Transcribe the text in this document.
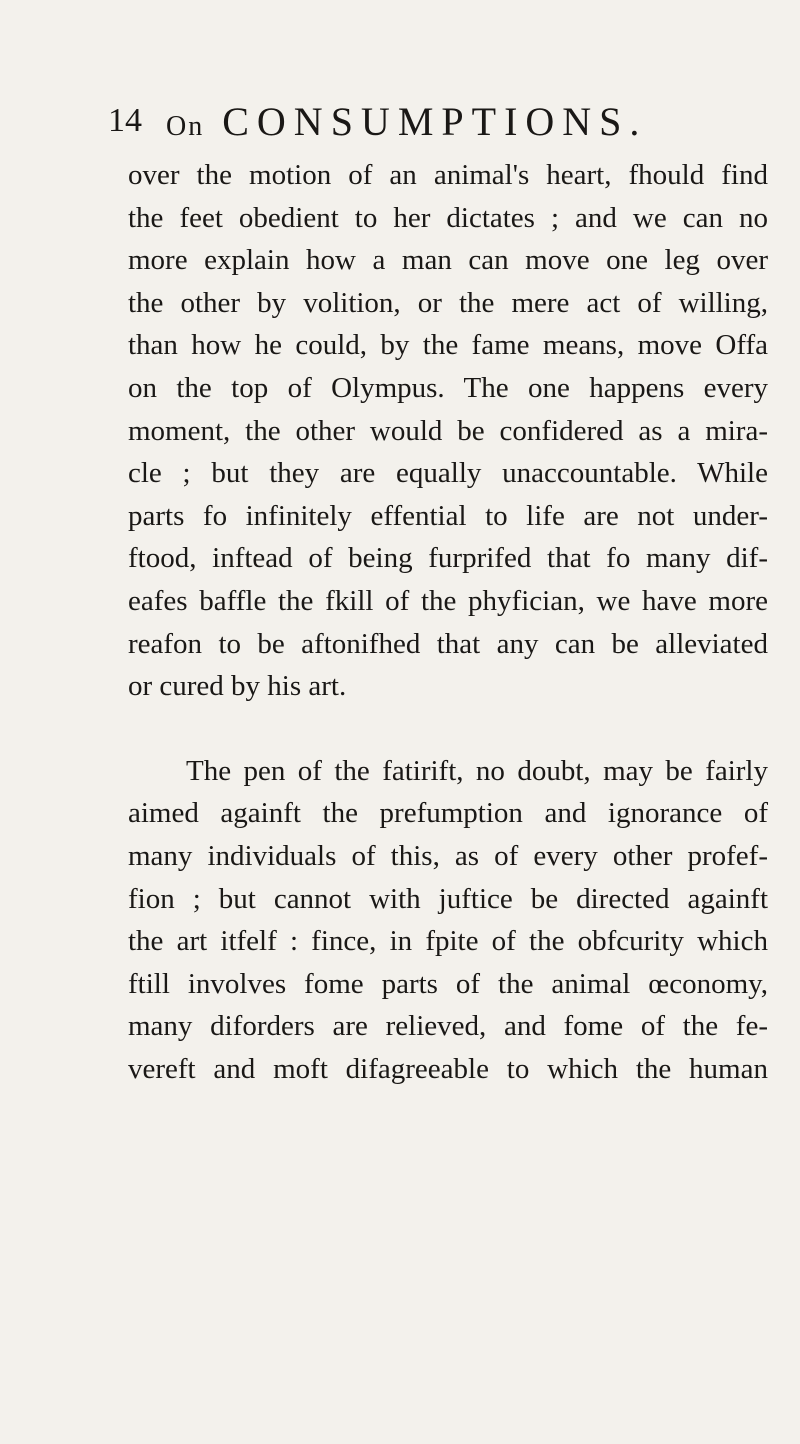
14 On CONSUMPTIONS.
over the motion of an animal's heart, fhould find
the feet obedient to her dictates ; and we can no
more explain how a man can move one leg over
the other by volition, or the mere act of willing,
than how he could, by the fame means, move Offa
on the top of Olympus. The one happens every
moment, the other would be confidered as a mira-
cle ; but they are equally unaccountable. While
parts fo infinitely effential to life are not under-
ftood, inftead of being furprifed that fo many dif-
eafes baffle the fkill of the phyfician, we have more
reafon to be aftonifhed that any can be alleviated
or cured by his art.
The pen of the fatirift, no doubt, may be fairly
aimed againft the prefumption and ignorance of
many individuals of this, as of every other profef-
fion ; but cannot with juftice be directed againft
the art itfelf : fince, in fpite of the obfcurity which
ftill involves fome parts of the animal œconomy,
many diforders are relieved, and fome of the fe-
vereft and moft difagreeable to which the human
